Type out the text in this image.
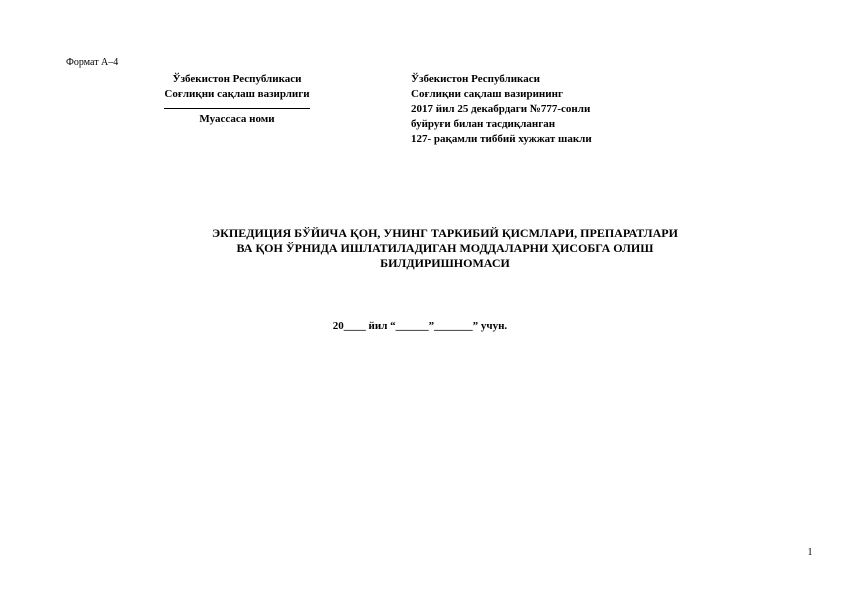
Формат А–4
Ўзбекистон Республикаси
Соғлиқни сақлаш вазирлиги
Муассаса номи
Ўзбекистон Республикаси
Соғлиқни сақлаш вазирининг
2017 йил 25 декабрдаги №777-сонли
буйруғи билан тасдиқланган
127- рақамли тиббий хужжат шакли
ЭКПЕДИЦИЯ БЎЙИЧА ҚОН, УНИНГ ТАРКИБИЙ ҚИСМЛАРИ, ПРЕПАРАТЛАРИ
ВА ҚОН ЎРНИДА ИШЛАТИЛАДИГАН МОДДАЛАРНИ ҲИСОБГА ОЛИШ
БИЛДИРИШНОМАСИ
20____ йил “______”_______” учун.
1
